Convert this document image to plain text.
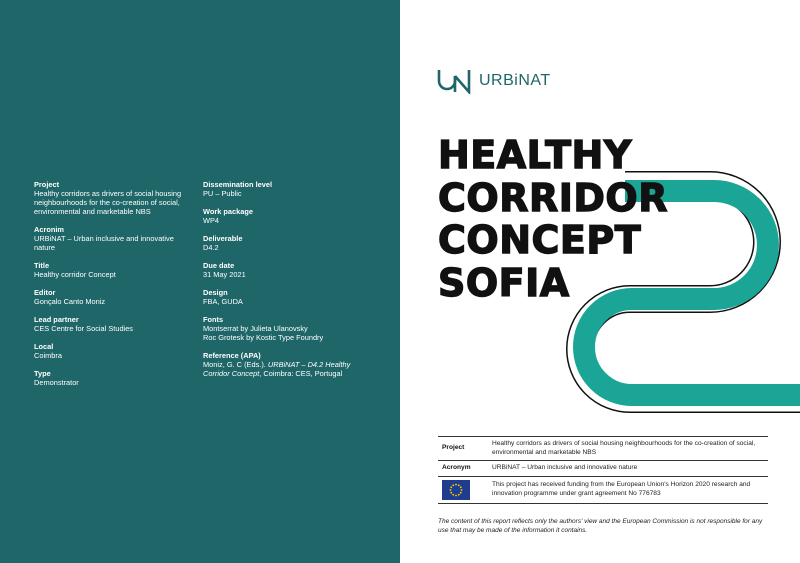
Project
Healthy corridors as drivers of social housing neighbourhoods for the co-creation of social, environmental and marketable NBS
Acronim
URBiNAT – Urban inclusive and innovative nature
Title
Healthy corridor Concept
Editor
Gonçalo Canto Moniz
Lead partner
CES Centre for Social Studies
Local
Coimbra
Type
Demonstrator
Dissemination level
PU – Public
Work package
WP4
Deliverable
D4.2
Due date
31 May 2021
Design
FBA, GUDA
Fonts
Montserrat by Julieta Ulanovsky
Roc Grotesk by Kostic Type Foundry
Reference (APA)
Moniz, G. C (Eds.). URBiNAT – D4.2 Healthy
Corridor Concept, Coimbra: CES, Portugal
URBiNAT
HEALTHY
CORRIDOR
CONCEPT
SOFIA
Project	Healthy corridors as drivers of social housing neighbourhoods for the co-creation of social, environmental and marketable NBS
Acronym	URBiNAT – Urban inclusive and innovative nature

	This project has received funding from the European Union's Horizon 2020 research and innovation programme under grant agreement No 776783
The content of this report reflects only the authors' view and the European Commission is not responsible for any use that may be made of the information it contains.
